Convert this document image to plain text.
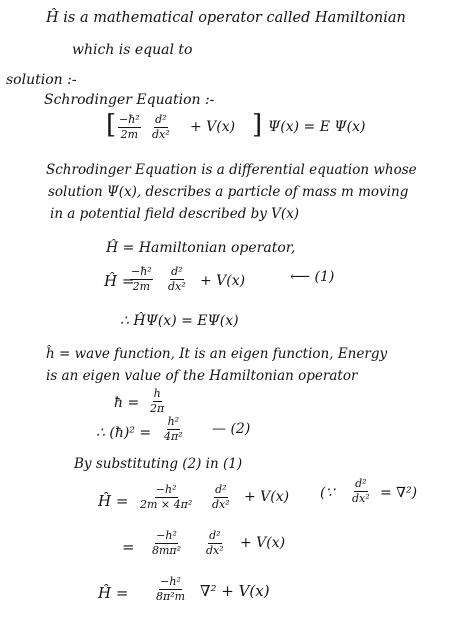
Ĥ is a mathematical operator called Hamiltonian
which is equal to
solution :-
Schrodinger Equation :-
[ $\frac{\text{−ħ²}}{2m} \frac{\text{d²}}{\text{dx²}} + V(x)$ ] Ψ(x) = E Ψ(x)
Schrodinger Equation is a differential equation whose
solution Ψ(x), describes a particle of mass m moving
in a potential field described by V(x)
Ĥ = Hamiltonian operator,
Ĥ =
$\frac{\text{−ħ²}}{2m} \frac{\text{d²}}{\text{dx²}} + V(x)$	⟵ (1)
∴ ĤΨ(x) = EΨ(x)
ĥ = wave function, It is an eigen function, Energy
is an eigen value of the Hamiltonian operator
ħ = $\frac{h}{2\pi}$
∴ (ħ)² = $\frac{\text{h²}}{\text{4π²}}$ — (2)
By substituting (2) in (1)
Ĥ = $\frac{\text{−h²}}{\text{2m × 4π²}} \frac{\text{d²}}{\text{dx²}} + V(x)$ (∵ $\frac{\text{d²}}{\text{dx²}} = \nabla^2$)
= $\frac{\text{−h²}}{\text{8mπ²}} \frac{\text{d²}}{\text{dx²}} + V(x)$
Ĥ =	$\frac{\text{−h²}}{\text{8π²m}} \nabla^2 + V(x)$
